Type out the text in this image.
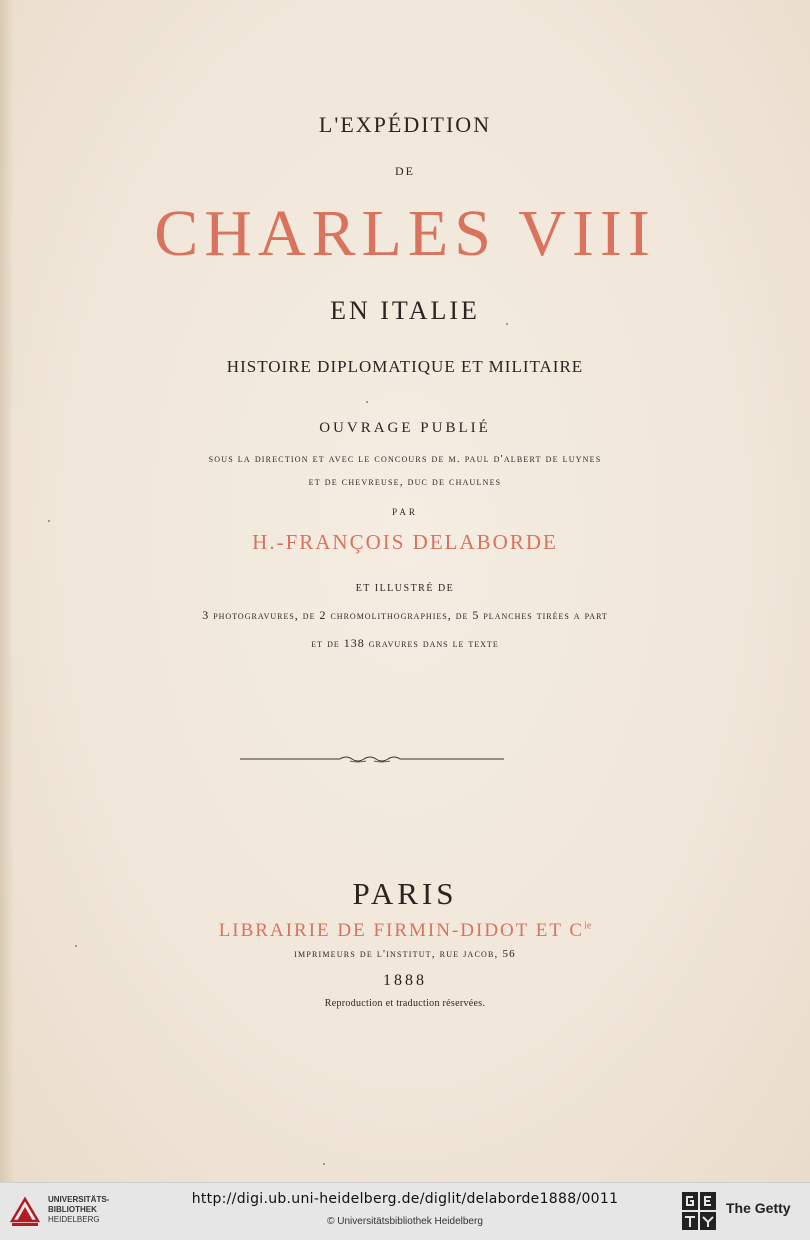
L'EXPÉDITION
DE
CHARLES VIII
EN ITALIE
HISTOIRE DIPLOMATIQUE ET MILITAIRE
OUVRAGE PUBLIÉ
sous la direction et avec le concours de m. paul d'albert de luynes
et de chevreuse, duc de chaulnes
PAR
H.-FRANÇOIS DELABORDE
ET ILLUSTRÉ DE
3 photogravures, de 2 chromolithographies, de 5 planches tirées a part
et de 138 gravures dans le texte
PARIS
LIBRAIRIE DE FIRMIN-DIDOT ET $C^{ie}$
imprimeurs de l'institut, rue jacob, 56
1888
Reproduction et traduction réservées.
UNIVERSITÄTS-
BIBLIOTHEK
HEIDELBERG
http://digi.ub.uni-heidelberg.de/diglit/delaborde1888/0011
© Universitätsbibliothek Heidelberg
The Getty
